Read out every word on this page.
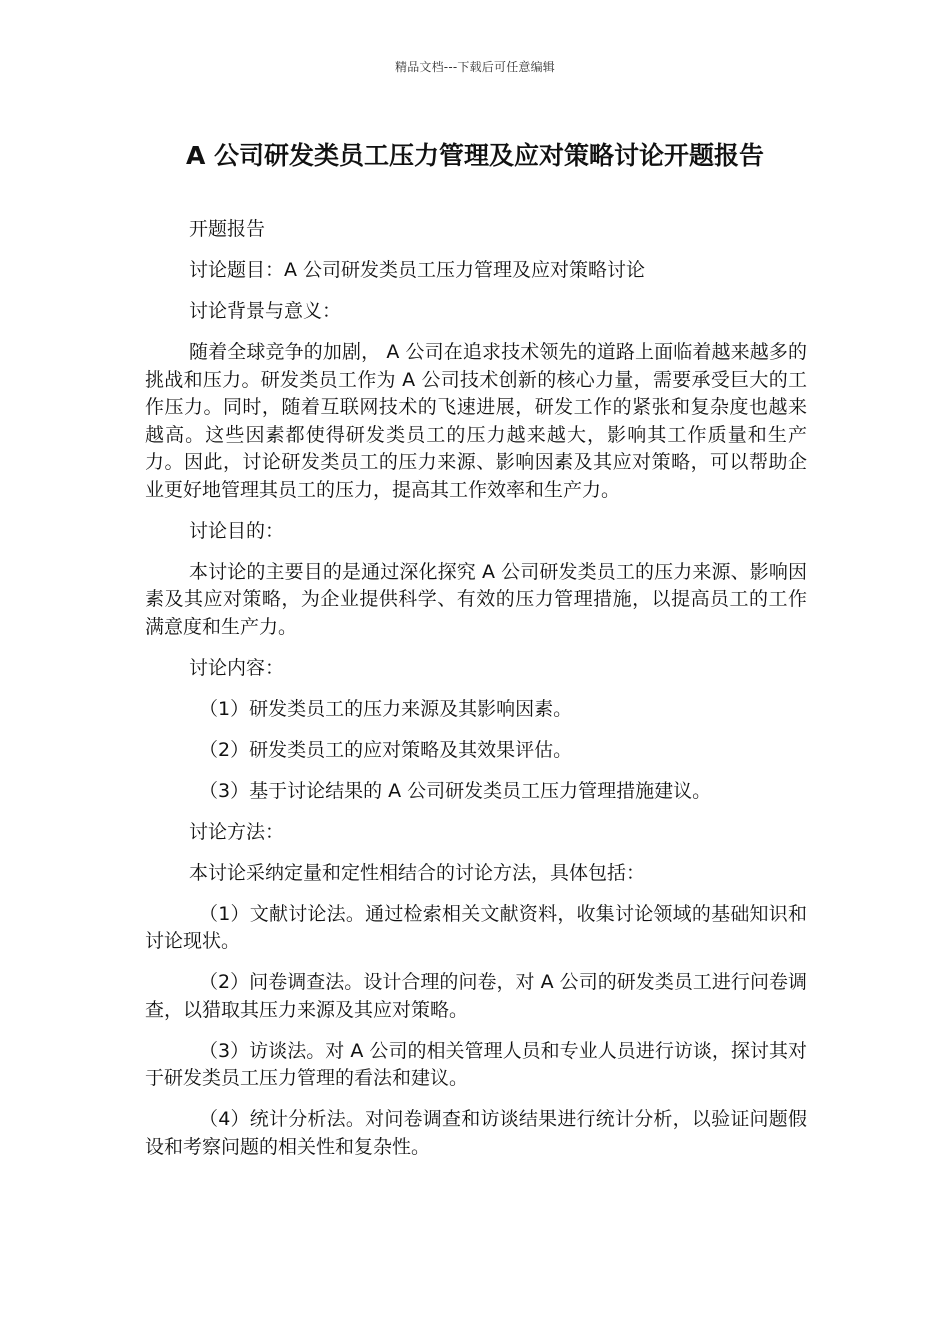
精品文档---下载后可任意编辑
A 公司研发类员工压力管理及应对策略讨论开题报告

开题报告

讨论题目：A 公司研发类员工压力管理及应对策略讨论

讨论背景与意义：

随着全球竞争的加剧， A 公司在追求技术领先的道路上面临着越来越多的挑战和压力。研发类员工作为 A 公司技术创新的核心力量，需要承受巨大的工作压力。同时，随着互联网技术的飞速进展，研发工作的紧张和复杂度也越来越高。这些因素都使得研发类员工的压力越来越大，影响其工作质量和生产力。因此，讨论研发类员工的压力来源、影响因素及其应对策略，可以帮助企业更好地管理其员工的压力，提高其工作效率和生产力。

讨论目的：

本讨论的主要目的是通过深化探究 A 公司研发类员工的压力来源、影响因素及其应对策略，为企业提供科学、有效的压力管理措施，以提高员工的工作满意度和生产力。

讨论内容：

（1）研发类员工的压力来源及其影响因素。

（2）研发类员工的应对策略及其效果评估。

（3）基于讨论结果的 A 公司研发类员工压力管理措施建议。

讨论方法：

本讨论采纳定量和定性相结合的讨论方法，具体包括：

（1）文献讨论法。通过检索相关文献资料，收集讨论领域的基础知识和讨论现状。

（2）问卷调查法。设计合理的问卷，对 A 公司的研发类员工进行问卷调查，以猎取其压力来源及其应对策略。

（3）访谈法。对 A 公司的相关管理人员和专业人员进行访谈，探讨其对于研发类员工压力管理的看法和建议。

（4）统计分析法。对问卷调查和访谈结果进行统计分析，以验证问题假设和考察问题的相关性和复杂性。
